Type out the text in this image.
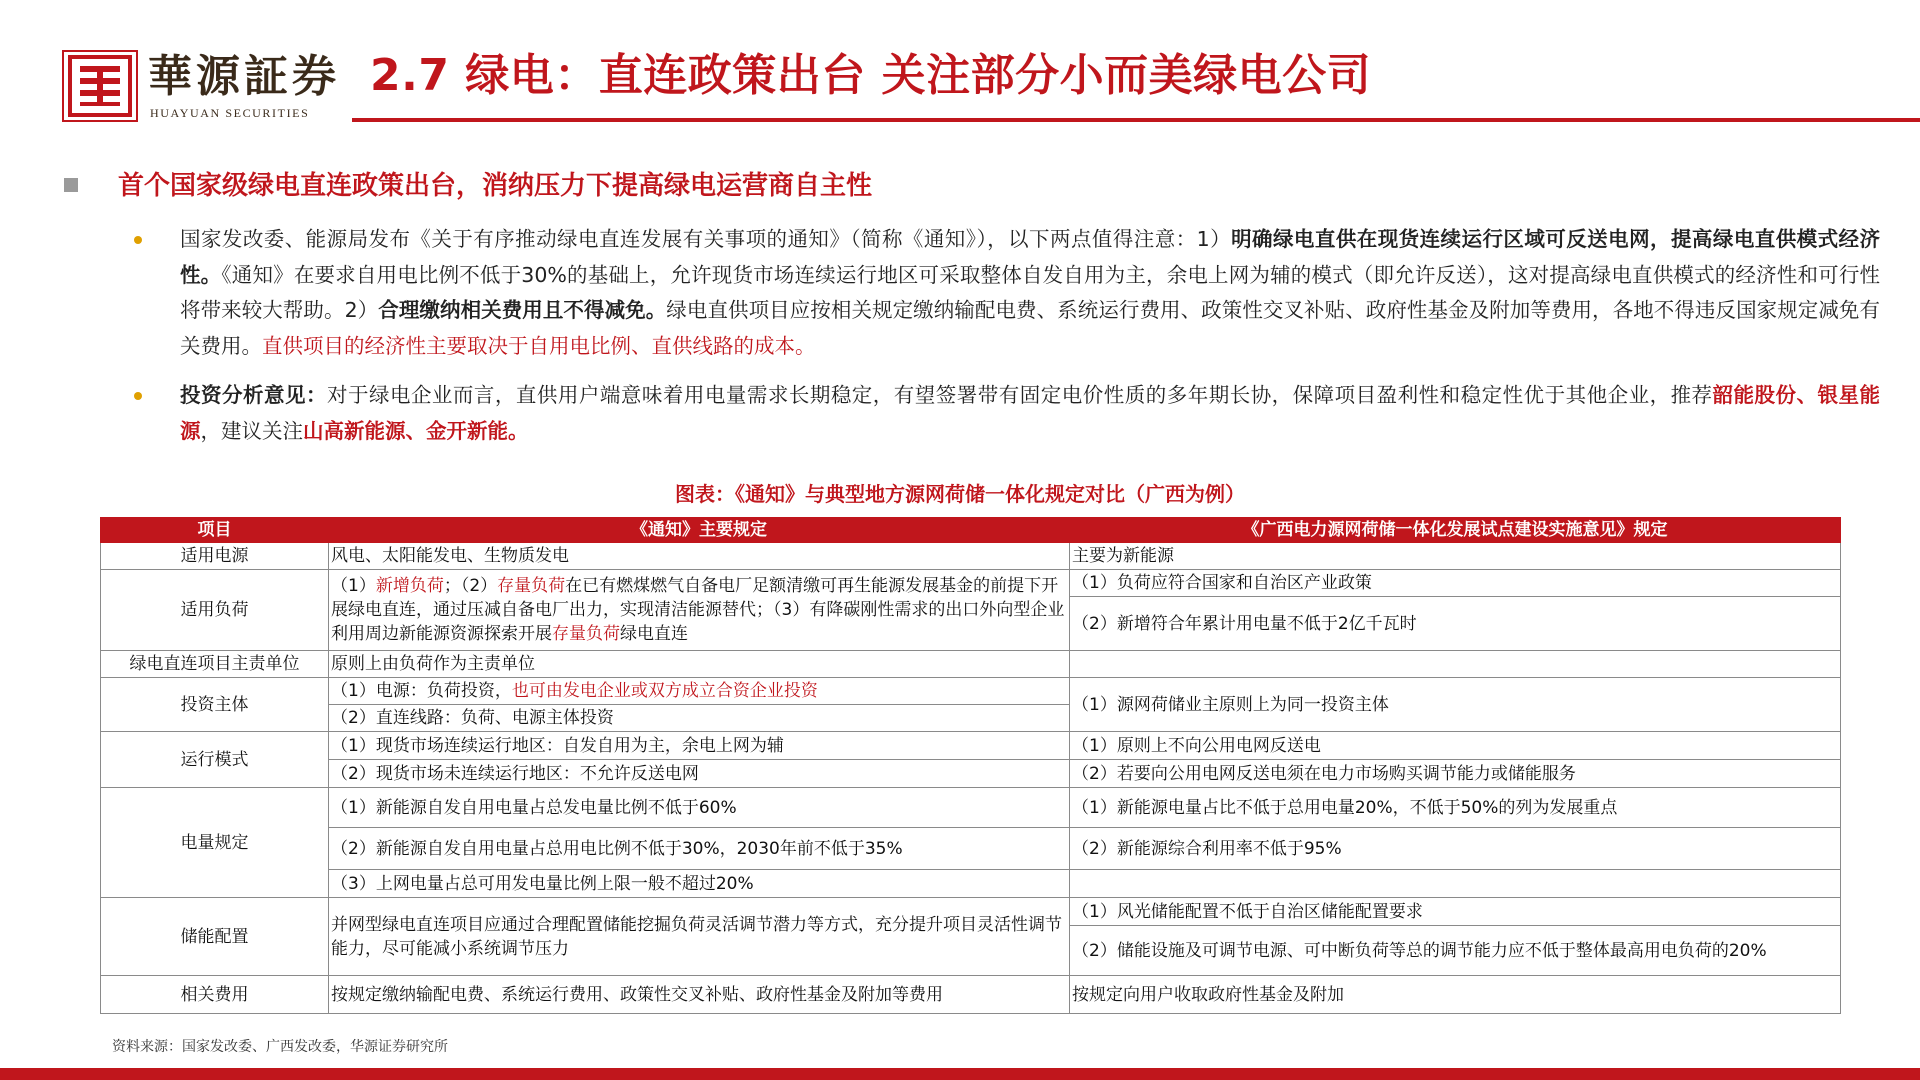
華源証券
HUAYUAN SECURITIES
2.7 绿电：直连政策出台 关注部分小而美绿电公司
首个国家级绿电直连政策出台，消纳压力下提高绿电运营商自主性
国家发改委、能源局发布《关于有序推动绿电直连发展有关事项的通知》（简称《通知》），以下两点值得注意：1）明确绿电直供在现货连续运行区域可反送电网，提高绿电直供模式经济性。《通知》在要求自用电比例不低于30%的基础上，允许现货市场连续运行地区可采取整体自发自用为主，余电上网为辅的模式（即允许反送），这对提高绿电直供模式的经济性和可行性将带来较大帮助。2）合理缴纳相关费用且不得减免。绿电直供项目应按相关规定缴纳输配电费、系统运行费用、政策性交叉补贴、政府性基金及附加等费用，各地不得违反国家规定减免有关费用。直供项目的经济性主要取决于自用电比例、直供线路的成本。
投资分析意见：对于绿电企业而言，直供用户端意味着用电量需求长期稳定，有望签署带有固定电价性质的多年期长协，保障项目盈利性和稳定性优于其他企业，推荐韶能股份、银星能源，建议关注山高新能源、金开新能。
图表：《通知》与典型地方源网荷储一体化规定对比（广西为例）
项目	《通知》主要规定	《广西电力源网荷储一体化发展试点建设实施意见》规定
适用电源	风电、太阳能发电、生物质发电	主要为新能源
适用负荷	（1）新增负荷；（2）存量负荷在已有燃煤燃气自备电厂足额清缴可再生能源发展基金的前提下开展绿电直连，通过压减自备电厂出力，实现清洁能源替代；（3）有降碳刚性需求的出口外向型企业利用周边新能源资源探索开展存量负荷绿电直连	（1）负荷应符合国家和自治区产业政策
		（2）新增符合年累计用电量不低于2亿千瓦时
绿电直连项目主责单位	原则上由负荷作为主责单位	
投资主体	（1）电源：负荷投资，也可由发电企业或双方成立合资企业投资	（1）源网荷储业主原则上为同一投资主体
	（2）直连线路：负荷、电源主体投资	
运行模式	（1）现货市场连续运行地区：自发自用为主，余电上网为辅	（1）原则上不向公用电网反送电
	（2）现货市场未连续运行地区：不允许反送电网	（2）若要向公用电网反送电须在电力市场购买调节能力或储能服务
电量规定	（1）新能源自发自用电量占总发电量比例不低于60%	（1）新能源电量占比不低于总用电量20%，不低于50%的列为发展重点
	（2）新能源自发自用电量占总用电比例不低于30%，2030年前不低于35%	（2）新能源综合利用率不低于95%
	（3）上网电量占总可用发电量比例上限一般不超过20%	
储能配置	并网型绿电直连项目应通过合理配置储能挖掘负荷灵活调节潜力等方式，充分提升项目灵活性调节能力，尽可能减小系统调节压力	（1）风光储能配置不低于自治区储能配置要求
		（2）储能设施及可调节电源、可中断负荷等总的调节能力应不低于整体最高用电负荷的20%
相关费用	按规定缴纳输配电费、系统运行费用、政策性交叉补贴、政府性基金及附加等费用	按规定向用户收取政府性基金及附加
资料来源：国家发改委、广西发改委，华源证券研究所
